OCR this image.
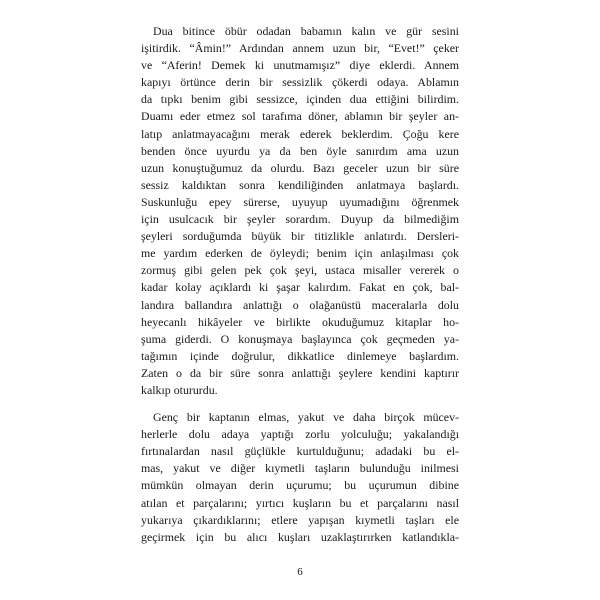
Dua bitince öbür odadan babamın kalın ve gür sesini
işitirdik. “Âmin!” Ardından annem uzun bir, “Evet!” çeker
ve “Aferin! Demek ki unutmamışız” diye eklerdi. Annem
kapıyı örtünce derin bir sessizlik çökerdi odaya. Ablamın
da tıpkı benim gibi sessizce, içinden dua ettiğini bilirdim.
Duamı eder etmez sol tarafıma döner, ablamın bir şeyler an-
latıp anlatmayacağını merak ederek beklerdim. Çoğu kere
benden önce uyurdu ya da ben öyle sanırdım ama uzun
uzun konuştuğumuz da olurdu. Bazı geceler uzun bir süre
sessiz kaldıktan sonra kendiliğinden anlatmaya başlardı.
Suskunluğu epey sürerse, uyuyup uyumadığını öğrenmek
için usulcacık bir şeyler sorardım. Duyup da bilmediğim
şeyleri sorduğumda büyük bir titizlikle anlatırdı. Dersleri-
me yardım ederken de öyleydi; benim için anlaşılması çok
zormuş gibi gelen pek çok şeyi, ustaca misaller vererek o
kadar kolay açıklardı ki şaşar kalırdım. Fakat en çok, bal-
landıra ballandıra anlattığı o olağanüstü maceralarla dolu
heyecanlı hikâyeler ve birlikte okuduğumuz kitaplar ho-
şuma giderdi. O konuşmaya başlayınca çok geçmeden ya-
tağımın içinde doğrulur, dikkatlice dinlemeye başlardım.
Zaten o da bir süre sonra anlattığı şeylere kendini kaptırır
kalkıp otururdu.
Genç bir kaptanın elmas, yakut ve daha birçok mücev-
herlerle dolu adaya yaptığı zorlu yolculuğu; yakalandığı
fırtınalardan nasıl güçlükle kurtulduğunu; adadaki bu el-
mas, yakut ve diğer kıymetli taşların bulunduğu inilmesi
mümkün olmayan derin uçurumu; bu uçurumun dibine
atılan et parçalarını; yırtıcı kuşların bu et parçalarını nasıl
yukarıya çıkardıklarını; etlere yapışan kıymetli taşları ele
geçirmek için bu alıcı kuşları uzaklaştırırken katlandıkla-
6
